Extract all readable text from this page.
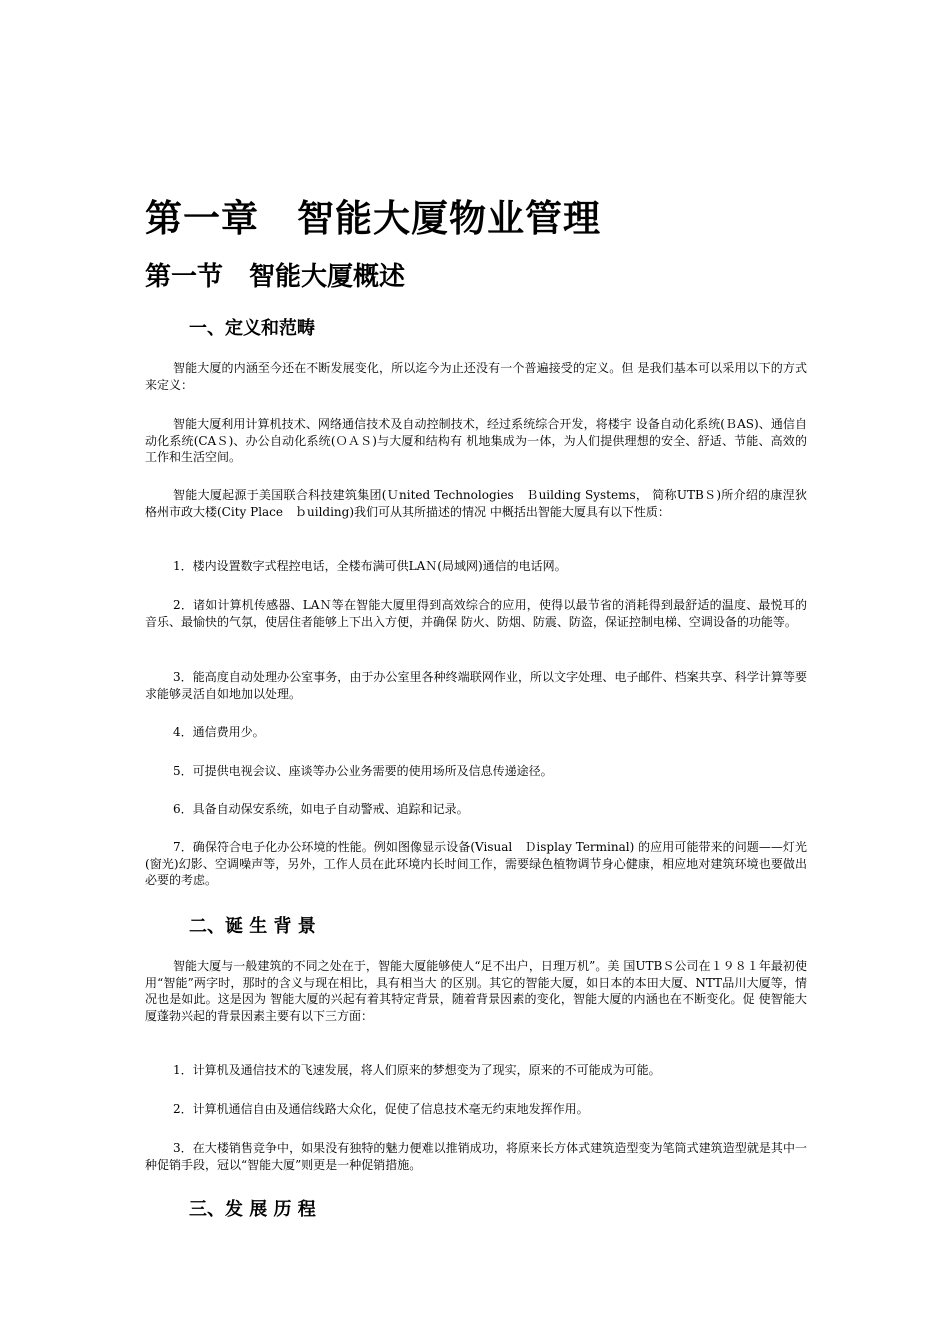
第一章　智能大厦物业管理
第一节　智能大厦概述
一、定义和范畴

智能大厦的内涵至今还在不断发展变化，所以迄今为止还没有一个普遍接受的定义。但 是我们基本可以采用以下的方式来定义：

智能大厦利用计算机技术、网络通信技术及自动控制技术，经过系统综合开发，将楼宇 设备自动化系统(ＢAS)、通信自动化系统(CAＳ)、办公自动化系统(ＯＡＳ)与大厦和结构有 机地集成为一体，为人们提供理想的安全、舒适、节能、高效的工作和生活空间。

智能大厦起源于美国联合科技建筑集团(Ｕnited Technologies　Ｂuilding Systems， 简称UTBＳ)所介绍的康涅狄格州市政大楼(City Place　ｂuilding)我们可从其所描述的情况 中概括出智能大厦具有以下性质：

1．楼内设置数字式程控电话，全楼布满可供LAＮ(局域网)通信的电话网。

2．诸如计算机传感器、LAＮ等在智能大厦里得到高效综合的应用，使得以最节省的消耗得到最舒适的温度、最悦耳的音乐、最愉快的气氛，使居住者能够上下出入方便，并确保 防火、防烟、防震、防盗，保证控制电梯、空调设备的功能等。

3．能高度自动处理办公室事务，由于办公室里各种终端联网作业，所以文字处理、电子邮件、档案共享、科学计算等要求能够灵活自如地加以处理。

4．通信费用少。

5．可提供电视会议、座谈等办公业务需要的使用场所及信息传递途径。

6．具备自动保安系统，如电子自动警戒、追踪和记录。

7．确保符合电子化办公环境的性能。例如图像显示设备(Visual　Ｄisplay Terminal) 的应用可能带来的问题——灯光(窗光)幻影、空调噪声等，另外，工作人员在此环境内长时间工作，需要绿色植物调节身心健康，相应地对建筑环境也要做出必要的考虑。

二、诞 生 背 景

智能大厦与一般建筑的不同之处在于，智能大厦能够使人“足不出户，日理万机”。美 国UTBＳ公司在１９８１年最初使用“智能”两字时，那时的含义与现在相比，具有相当大 的区别。其它的智能大厦，如日本的本田大厦、NTT品川大厦等，情况也是如此。这是因为 智能大厦的兴起有着其特定背景，随着背景因素的变化，智能大厦的内涵也在不断变化。促 使智能大厦蓬勃兴起的背景因素主要有以下三方面：

1．计算机及通信技术的飞速发展，将人们原来的梦想变为了现实，原来的不可能成为可能。

2．计算机通信自由及通信线路大众化，促使了信息技术毫无约束地发挥作用。

3．在大楼销售竞争中，如果没有独特的魅力便难以推销成功，将原来长方体式建筑造型变为笔筒式建筑造型就是其中一种促销手段，冠以“智能大厦”则更是一种促销措施。

三、发 展 历 程
